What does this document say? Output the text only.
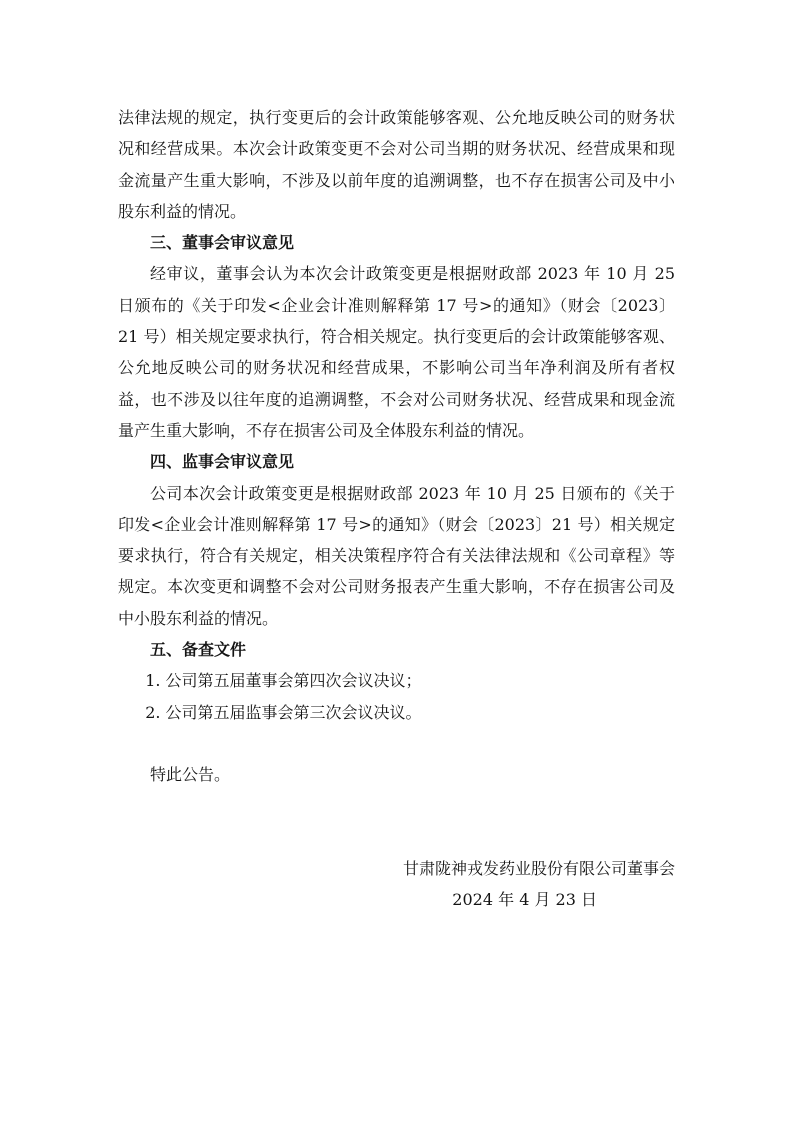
法律法规的规定，执行变更后的会计政策能够客观、公允地反映公司的财务状况和经营成果。本次会计政策变更不会对公司当期的财务状况、经营成果和现金流量产生重大影响，不涉及以前年度的追溯调整，也不存在损害公司及中小股东利益的情况。

三、董事会审议意见

经审议，董事会认为本次会计政策变更是根据财政部 2023 年 10 月 25 日颁布的《关于印发<企业会计准则解释第 17 号>的通知》（财会〔2023〕21 号）相关规定要求执行，符合相关规定。执行变更后的会计政策能够客观、公允地反映公司的财务状况和经营成果，不影响公司当年净利润及所有者权益，也不涉及以往年度的追溯调整，不会对公司财务状况、经营成果和现金流量产生重大影响，不存在损害公司及全体股东利益的情况。

四、监事会审议意见

公司本次会计政策变更是根据财政部 2023 年 10 月 25 日颁布的《关于印发<企业会计准则解释第 17 号>的通知》（财会〔2023〕21 号）相关规定要求执行，符合有关规定，相关决策程序符合有关法律法规和《公司章程》等规定。本次变更和调整不会对公司财务报表产生重大影响，不存在损害公司及中小股东利益的情况。

五、备查文件

1. 公司第五届董事会第四次会议决议；

2. 公司第五届监事会第三次会议决议。

特此公告。

甘肃陇神戎发药业股份有限公司董事会

2024 年 4 月 23 日
